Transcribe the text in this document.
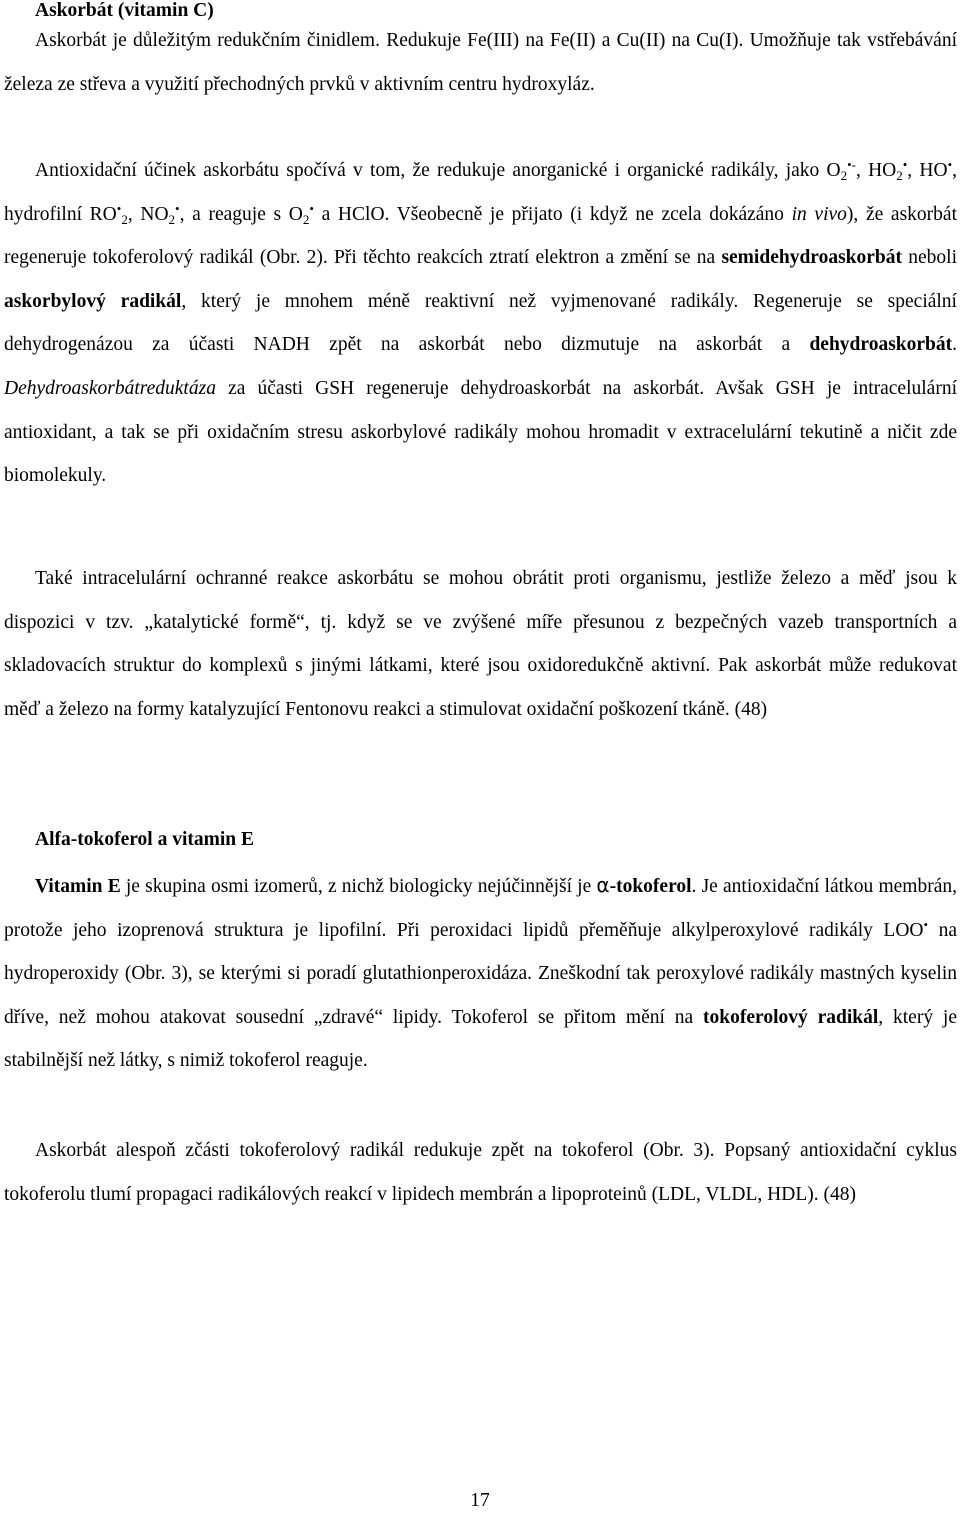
Askorbát (vitamin C)

Askorbát je důležitým redukčním činidlem. Redukuje Fe(III) na Fe(II) a Cu(II) na Cu(I). Umožňuje tak vstřebávání železa ze střeva a využití přechodných prvků v aktivním centru hydroxyláz.

Antioxidační účinek askorbátu spočívá v tom, že redukuje anorganické i organické radikály, jako $O_2^{•-}$, $HO_2^•$, HO•, hydrofilní $RO^•_2$, $NO_2^•$, a reaguje s $O_2^•$ a HClO. Všeobecně je přijato (i když ne zcela dokázáno in vivo), že askorbát regeneruje tokoferolový radikál (Obr. 2). Při těchto reakcích ztratí elektron a změní se na semidehydroaskorbát neboli askorbylový radikál, který je mnohem méně reaktivní než vyjmenované radikály. Regeneruje se speciální dehydrogenázou za účasti NADH zpět na askorbát nebo dizmutuje na askorbát a dehydroaskorbát. Dehydroaskorbátreduktáza za účasti GSH regeneruje dehydroaskorbát na askorbát. Avšak GSH je intracelulární antioxidant, a tak se při oxidačním stresu askorbylové radikály mohou hromadit v extracelulární tekutině a ničit zde biomolekuly.

Také intracelulární ochranné reakce askorbátu se mohou obrátit proti organismu, jestliže železo a měď jsou k dispozici v tzv. „katalytické formě“, tj. když se ve zvýšené míře přesunou z bezpečných vazeb transportních a skladovacích struktur do komplexů s jinými látkami, které jsou oxidoredukčně aktivní. Pak askorbát může redukovat měď a železo na formy katalyzující Fentonovu reakci a stimulovat oxidační poškození tkáně. (48)

Alfa-tokoferol a vitamin E

Vitamin E je skupina osmi izomerů, z nichž biologicky nejúčinnější je α-tokoferol. Je antioxidační látkou membrán, protože jeho izoprenová struktura je lipofilní. Při peroxidaci lipidů přeměňuje alkylperoxylové radikály LOO• na hydroperoxidy (Obr. 3), se kterými si poradí glutathionperoxidáza. Zneškodní tak peroxylové radikály mastných kyselin dříve, než mohou atakovat sousední „zdravé“ lipidy. Tokoferol se přitom mění na tokoferolový radikál, který je stabilnější než látky, s nimiž tokoferol reaguje.

Askorbát alespoň zčásti tokoferolový radikál redukuje zpět na tokoferol (Obr. 3). Popsaný antioxidační cyklus tokoferolu tlumí propagaci radikálových reakcí v lipidech membrán a lipoproteinů (LDL, VLDL, HDL). (48)

17
